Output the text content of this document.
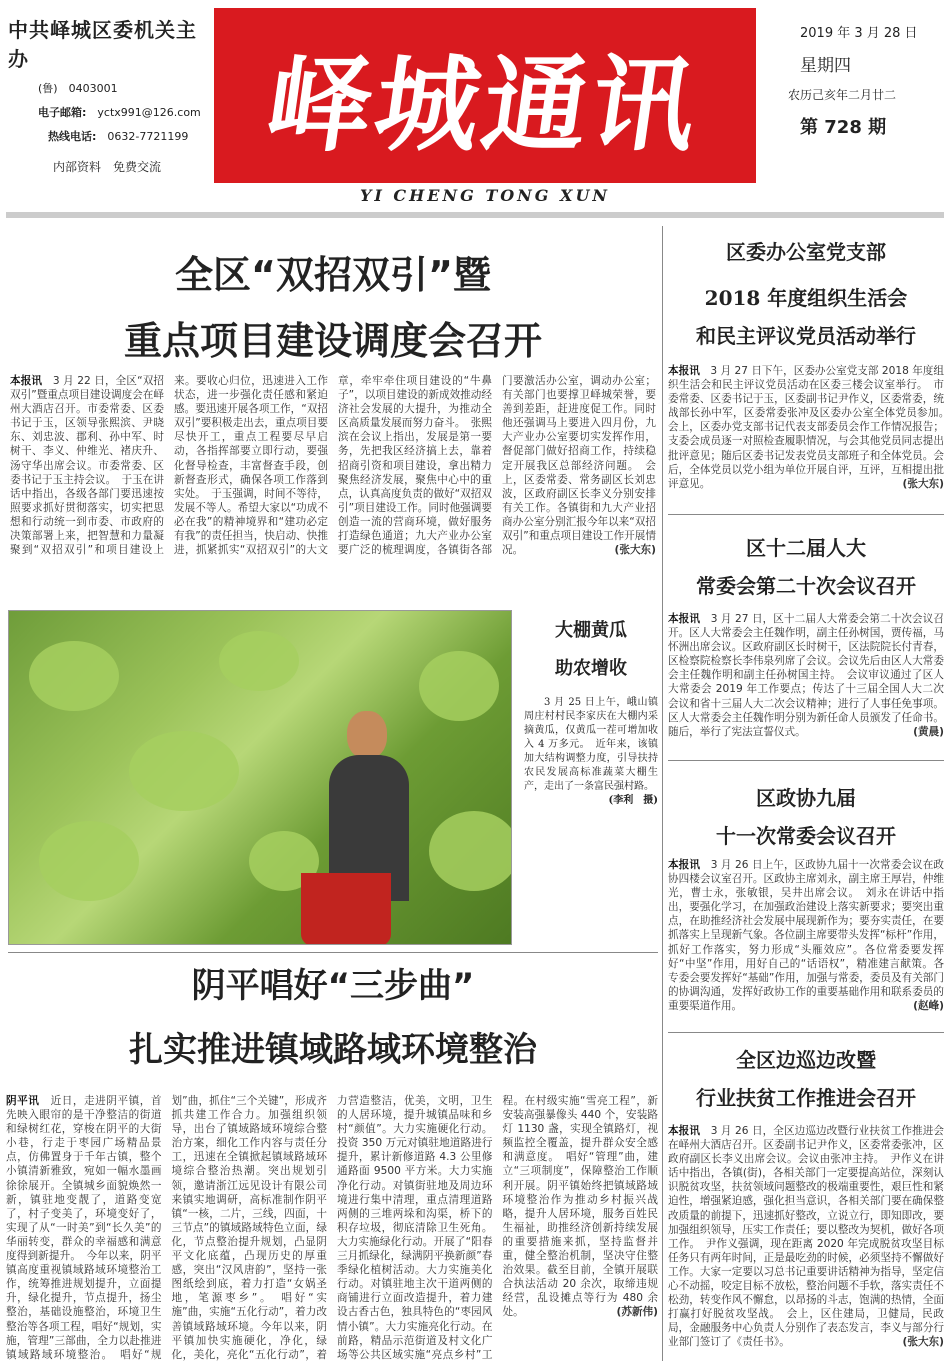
中共峄城区委机关主办
(鲁)　 0403001
电子邮箱:　 yctx991@126.com
热线电话:　 0632-7721199
内部资料　免费交流
峄城通讯
YI CHENG TONG XUN
2019 年 3 月 28 日
星期四
农历己亥年二月廿二
第 728 期
全区“双招双引”暨
重点项目建设调度会召开
本报讯　3 月 22 日，全区“双招双引”暨重点项目建设调度会在峄州大酒店召开。市委常委、区委书记于玉，区领导张熙滨、尹晓东、刘忠波、郡利、孙中军、时树干、李义、仲维光、褚庆升、汤守华出席会议。市委常委、区委书记于玉主持会议。　于玉在讲话中指出，各级各部门要迅速按照要求抓好贯彻落实，切实把思想和行动统一到市委、市政府的决策部署上来，把智慧和力量凝聚到“双招双引”和项目建设上来。要收心归位，迅速进入工作状态，进一步强化责任感和紧迫感。要迅速开展各项工作，“双招双引”要积极走出去，重点项目要尽快开工，重点工程要尽早启动，各指挥部要立即行动，要强化督导检查，丰富督查手段，创新督查形式，确保各项工作落到实处。　于玉强调，时间不等待，发展不等人。希望大家以“功成不必在我”的精神境界和“建功必定有我”的责任担当，快启动、快推进，抓紧抓实“双招双引”的大文章，牵牢牵住项目建设的“牛鼻子”，以项目建设的新成效推动经济社会发展的大提升，为推动全区高质量发展而努力奋斗。　张熙滨在会议上指出，发展是第一要务，先把我区经济搞上去，靠着招商引资和项目建设，拿出精力聚焦经济发展，聚焦中心中的重点，认真高度负责的做好“双招双引”项目建设工作。同时他强调要创造一流的营商环境，做好服务打造绿色通道；九大产业办公室要广泛的梳理调度，各镇街各部门要激活办公室，调动办公室；有关部门也要撑卫峄城荣誉，要善到差距，赶进度促工作。同时他还强调马上要进入四月份，九大产业办公室要切实发挥作用，督促部门做好招商工作，持续稳定开展我区总部经济问题。　会上，区委常委、常务副区长刘忠波，区政府副区长李义分别安排有关工作。各镇街和九大产业招商办公室分别汇报今年以来“双招双引”和重点项目建设工作开展情况。	(张大东)
大棚黄瓜
助农增收
3 月 25 日上午，峨山镇周庄村村民李家庆在大棚内采摘黄瓜，仅黄瓜一茬可增加收入 4 万多元。　近年来，该镇加大结构调整力度，引导扶持农民发展高标准蔬菜大棚生产，走出了一条富民强村路。
(李利　摄)
阴平唱好“三步曲”
扎实推进镇域路域环境整治
阴平讯　近日，走进阴平镇，首先映入眼帘的是干净整洁的街道和绿树红花，穿梭在阴平的大街小巷，行走于枣园广场精品景点，仿佛置身于千年古镇，整个小镇清新雅致，宛如一幅水墨画徐徐展开。全镇城乡面貌焕然一新，镇驻地变靓了，道路变宽了，村子变美了，环境变好了，实现了从“一时美”到“长久美”的华丽转变，群众的幸福感和满意度得到新提升。　今年以来，阴平镇高度重视镇域路域环境整治工作，统筹推进规划提升，立面提升，绿化提升，节点提升，扬尘整治，基础设施整治，环境卫生整治等各项工程，唱好“规划，实施，管理”三部曲，全力以赴推进镇域路域环境整治。　唱好“规划”曲，抓住“三个关键”，形成齐抓共建工作合力。加强组织领导，出台了镇域路域环境综合整治方案，细化工作内容与责任分工，迅速在全镇掀起镇域路域环境综合整治热潮。突出规划引领，邀请浙江远见设计有限公司来镇实地调研，高标准制作阴平镇“一核，二片，三线，四面，十三节点”的镇域路域特色立面，绿化，节点整治提升规划，凸显阴平文化底蕴，凸现历史的厚重感，突出“汉风唐韵”，坚持一张图纸绘到底，着力打造“女娲圣地，笔源枣乡”。　唱好“实施”曲，实施“五化行动”，着力改善镇域路域环境。今年以来，阴平镇加快实施硬化，净化，绿化，美化，亮化“五化行动”，着力营造整洁，优美，文明，卫生的人居环境，提升城镇品味和乡村“颜值”。大力实施硬化行动。投资 350 万元对镇驻地道路进行提升，累计新修道路 4.3 公里修通路面 9500 平方米。大力实施净化行动。对镇街驻地及周边环境进行集中清理，重点清理道路两侧的三堆两垛和沟渠，桥下的积存垃圾，彻底清除卫生死角。大力实施绿化行动。开展了“阳春三月抓绿化，绿满阴平换新颜”春季绿化植树活动。大力实施美化行动。对镇驻地主次干道两侧的商铺进行立面改造提升，着力建设古香古色，独具特色的“枣园风情小镇”。大力实施亮化行动。在前路，精品示范街道及村文化广场等公共区域实施“亮点乡村”工程。在村级实施“雪亮工程”，新安装高强暴像头 440 个，安装路灯 1130 盏，实现全镇路灯，视频监控全覆盖，提升群众安全感和满意度。　唱好“管理”曲，建立“三项制度”，保障整治工作顺利开展。阴平镇始终把镇域路域环境整治作为推动乡村振兴战略，提升人居环境，服务百姓民生福祉，助推经济创新持续发展的重要措施来抓，坚持监督并重，健全整治机制，坚决守住整治效果。截至目前，全镇开展联合执法活动 20 余次，取缔违规经营，乱设摊点等行为 480 余处。	(苏新伟)
区委办公室党支部
2018 年度组织生活会
和民主评议党员活动举行
本报讯　3 月 27 日下午，区委办公室党支部 2018 年度组织生活会和民主评议党员活动在区委三楼会议室举行。　市委常委、区委书记于玉，区委副书记尹作义，区委常委，统战部长孙中军，区委常委张冲及区委办公室全体党员参加。　会上，区委办党支部书记代表支部委员会作工作情况报告；支委会成员逐一对照检查履职情况，与会其他党员同志提出批评意见；随后区委书记发表党员支部班子和全体党员。会后，全体党员以党小组为单位开展自评，互评，互相提出批评意见。	(张大东)
区十二届人大
常委会第二十次会议召开
本报讯　3 月 27 日，区十二届人大常委会第二十次会议召开。区人大常委会主任魏作明，副主任孙树国，贾传福，马怀洲出席会议。区政府副区长时树干，区法院院长付青春，区检察院检察长李伟泉列席了会议。会议先后由区人大常委会主任魏作明和副主任孙树国主持。　会议审议通过了区人大常委会 2019 年工作要点；传达了十三届全国人大二次会议和省十三届人大二次会议精神；进行了人事任免事项。区人大常委会主任魏作明分别为新任命人员颁发了任命书。随后，举行了宪法宣誓仪式。	(黄晨)
区政协九届
十一次常委会议召开
本报讯　3 月 26 日上午，区政协九届十一次常委会议在政协四楼会议室召开。区政协主席刘永，副主席王厚岩，仲维光，曹士永，张敏银，吴井出席会议。　刘永在讲话中指出，要强化学习，在加强政治建设上落实新要求；要突出重点，在助推经济社会发展中展现新作为；要夯实责任，在要抓落实上呈现新气象。各位副主席要带头发挥“标杆”作用，抓好工作落实，努力形成“头雁效应”。各位常委要发挥好“中坚”作用，用好自己的“话语权”，精准建言献策。各专委会要发挥好“基础”作用，加强与常委，委员及有关部门的协调沟通，发挥好政协工作的重要基础作用和联系委员的重要渠道作用。	(赵峰)
全区边巡边改暨
行业扶贫工作推进会召开
本报讯　3 月 26 日，全区边巡边改暨行业扶贫工作推进会在峄州大酒店召开。区委副书记尹作义，区委常委张冲，区政府副区长李义出席会议。会议由张冲主持。　尹作义在讲话中指出，各镇(街)，各相关部门一定要提高站位，深刻认识脱贫攻坚，扶贫领域问题整改的极端重要性，艰巨性和紧迫性，增强紧迫感，强化担当意识，各相关部门要在确保整改质量的前提下，迅速抓好整改，立说立行，即知即改，要加强组织领导，压实工作责任；要以整改为契机，做好各项工作。　尹作义强调，现在距离 2020 年完成脱贫攻坚目标任务只有两年时间，正是最吃劲的时候，必须坚持不懈做好工作。大家一定要以习总书记重要讲话精神为指导，坚定信心不动摇，咬定目标不放松，整治问题不手软，落实责任不松劲，转变作风不懈怠，以昂扬的斗志，饱满的热情，全面打赢打好脱贫攻坚战。　会上，区住建局，卫健局，民政局，金融服务中心负责人分别作了表态发言，李义与部分行业部门签订了《责任书》。	(张大东)
